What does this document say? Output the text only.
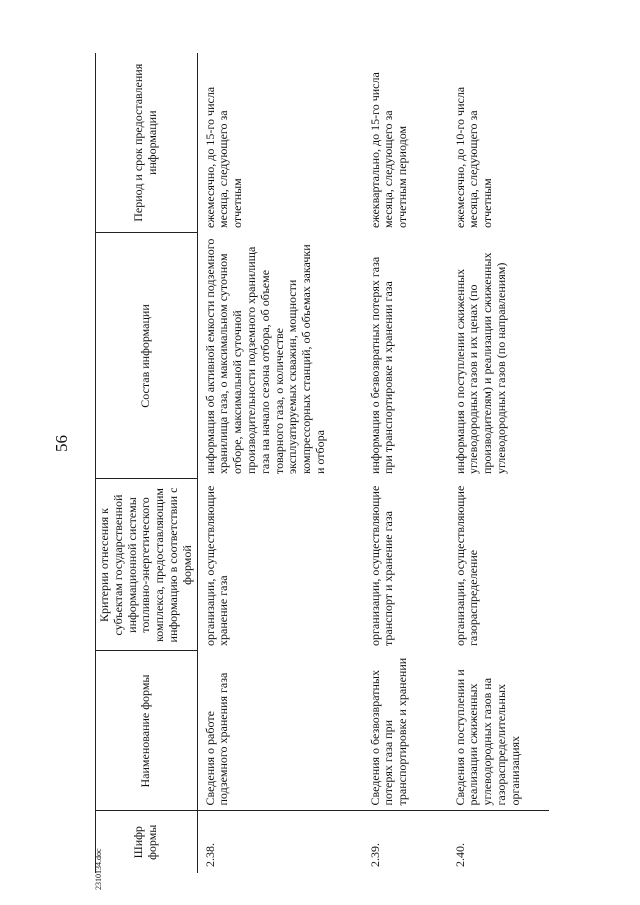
56
2310134.doc
Шифр формы	Наименование формы	Критерии отнесения к субъектам государственной информационной системы топливно-энергетического комплекса, предоставляющим информацию в соответствии с формой	Состав информации	Период и срок предоставления информации
2.38.	Сведения о работе подземного хранения газа	организации, осуществляющие хранение газа	информация об активной емкости подземного хранилища газа, о максимальном суточном отборе, максимальной суточной производительности подземного хранилища газа на начало сезона отбора, об объеме товарного газа, о количестве эксплуатируемых скважин, мощности компрессорных станций, об объемах закачки и отбора	ежемесячно, до 15-го числа месяца, следующего за отчетным
2.39.	Сведения о безвозвратных потерях газа при транспортировке и хранении	организации, осуществляющие транспорт и хранение газа	информация о безвозвратных потерях газа при транспортировке и хранении газа	ежеквартально, до 15-го числа месяца, следующего за отчетным периодом
2.40.	Сведения о поступлении и реализации сжиженных углеводородных газов на газораспределительных организациях	организации, осуществляющие газораспределение	информация о поступлении сжиженных углеводородных газов и их ценах (по производителям) и реализации сжиженных углеводородных газов (по направлениям)	ежемесячно, до 10-го числа месяца, следующего за отчетным
